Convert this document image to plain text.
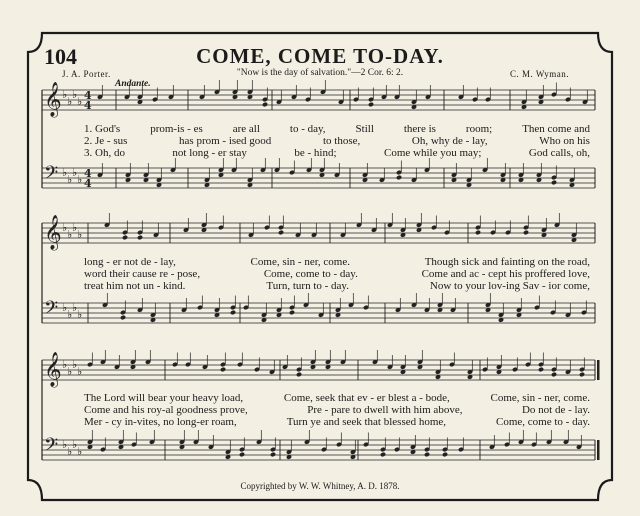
𝄞 ♭
♭
♭
♭ 4
4
𝄢 ♭
♭
♭
♭ 4
4
𝄞 ♭
♭
♭
♭
𝄢 ♭
♭
♭
♭
𝄞 ♭
♭
♭
♭
𝄢 ♭
♭
♭
♭
104	COME, COME TO-DAY.
J. A. Porter.	"Now is the day of salvation."—2 Cor. 6: 2.	C. M. Wyman.
Andante.
1. God's	prom-is - es	are all	to - day,	Still	there is	room;	Then come and
2. Je - sus	has prom - ised good	to those,	Oh, why de - lay,	Who on his
3. Oh, do	not long - er stay	be - hind;	Come while you may;	God calls, oh,
long - er not de - lay,	Come, sin - ner, come.	Though sick and fainting on the road,
word their cause re - pose,	Come, come to - day.	Come and ac - cept his proffered love,
treat him not un - kind.	Turn, turn to - day.	Now to your lov-ing Sav - ior come,
The Lord will bear your heavy load,	Come, seek that ev - er blest a - bode,	Come, sin - ner, come.
Come and his roy-al goodness prove,	Pre - pare to dwell with him above,	Do not de - lay.
Mer - cy in-vites, no long-er roam,	Turn ye and seek that blessed home,	Come, come to - day.
Copyrighted by W. W. Whitney, A. D. 1878.
